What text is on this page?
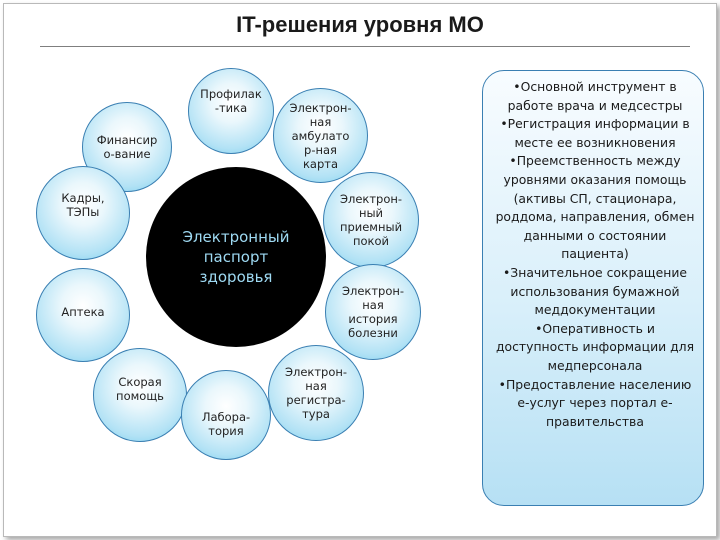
IT-решения уровня МО
Финансир
о-вание
Профилак
-тика	Электрон-
ная
амбулато
р-ная
карта
Кадры,
ТЭПы
Электрон-
ный
приемный
покой
Аптека
Электрон-
ная
история
болезни
Скорая
помощь
Лабора-
тория
Электрон-
ная
регистра-
тура
Электронный
паспорт
здоровья
•Основной инструмент в работе врача и медсестры
•Регистрация информации в месте ее возникновения
•Преемственность между уровнями оказания помощь (активы СП, стационара, роддома, направления, обмен данными о состоянии пациента)
•Значительное сокращение использования бумажной меддокументации
•Оперативность и доступность информации для медперсонала
•Предоставление населению е-услуг через портал е-правительства
